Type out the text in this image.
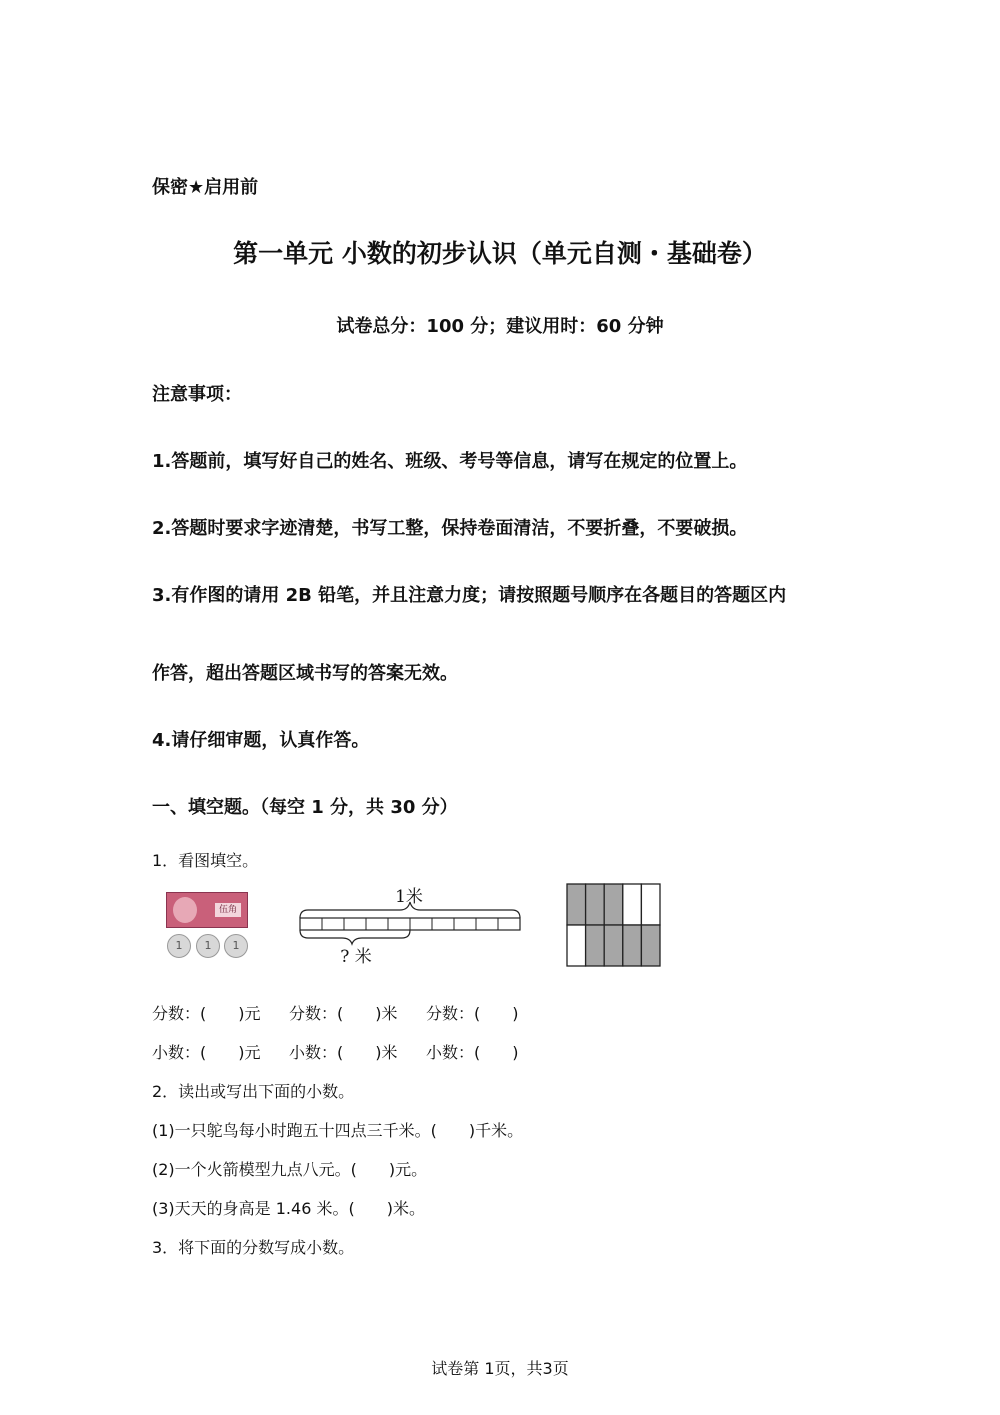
保密★启用前
第一单元 小数的初步认识（单元自测・基础卷）
试卷总分：100 分；建议用时：60 分钟
注意事项：
1.答题前，填写好自己的姓名、班级、考号等信息，请写在规定的位置上。
2.答题时要求字迹清楚，书写工整，保持卷面清洁，不要折叠，不要破损。
3.有作图的请用 2B 铅笔，并且注意力度；请按照题号顺序在各题目的答题区内
作答，超出答题区域书写的答案无效。
4.请仔细审题，认真作答。
一、填空题。（每空 1 分，共 30 分）
1．看图填空。
伍角
1	1	1
1米
? 米
分数：(　　)元 分数：(　　)米 分数：(　　)
小数：(　　)元 小数：(　　)米 小数：(　　)
2．读出或写出下面的小数。
(1)一只鸵鸟每小时跑五十四点三千米。(　　)千米。
(2)一个火箭模型九点八元。(　　)元。
(3)天天的身高是 1.46 米。(　　)米。
3．将下面的分数写成小数。
试卷第 1页，共3页
